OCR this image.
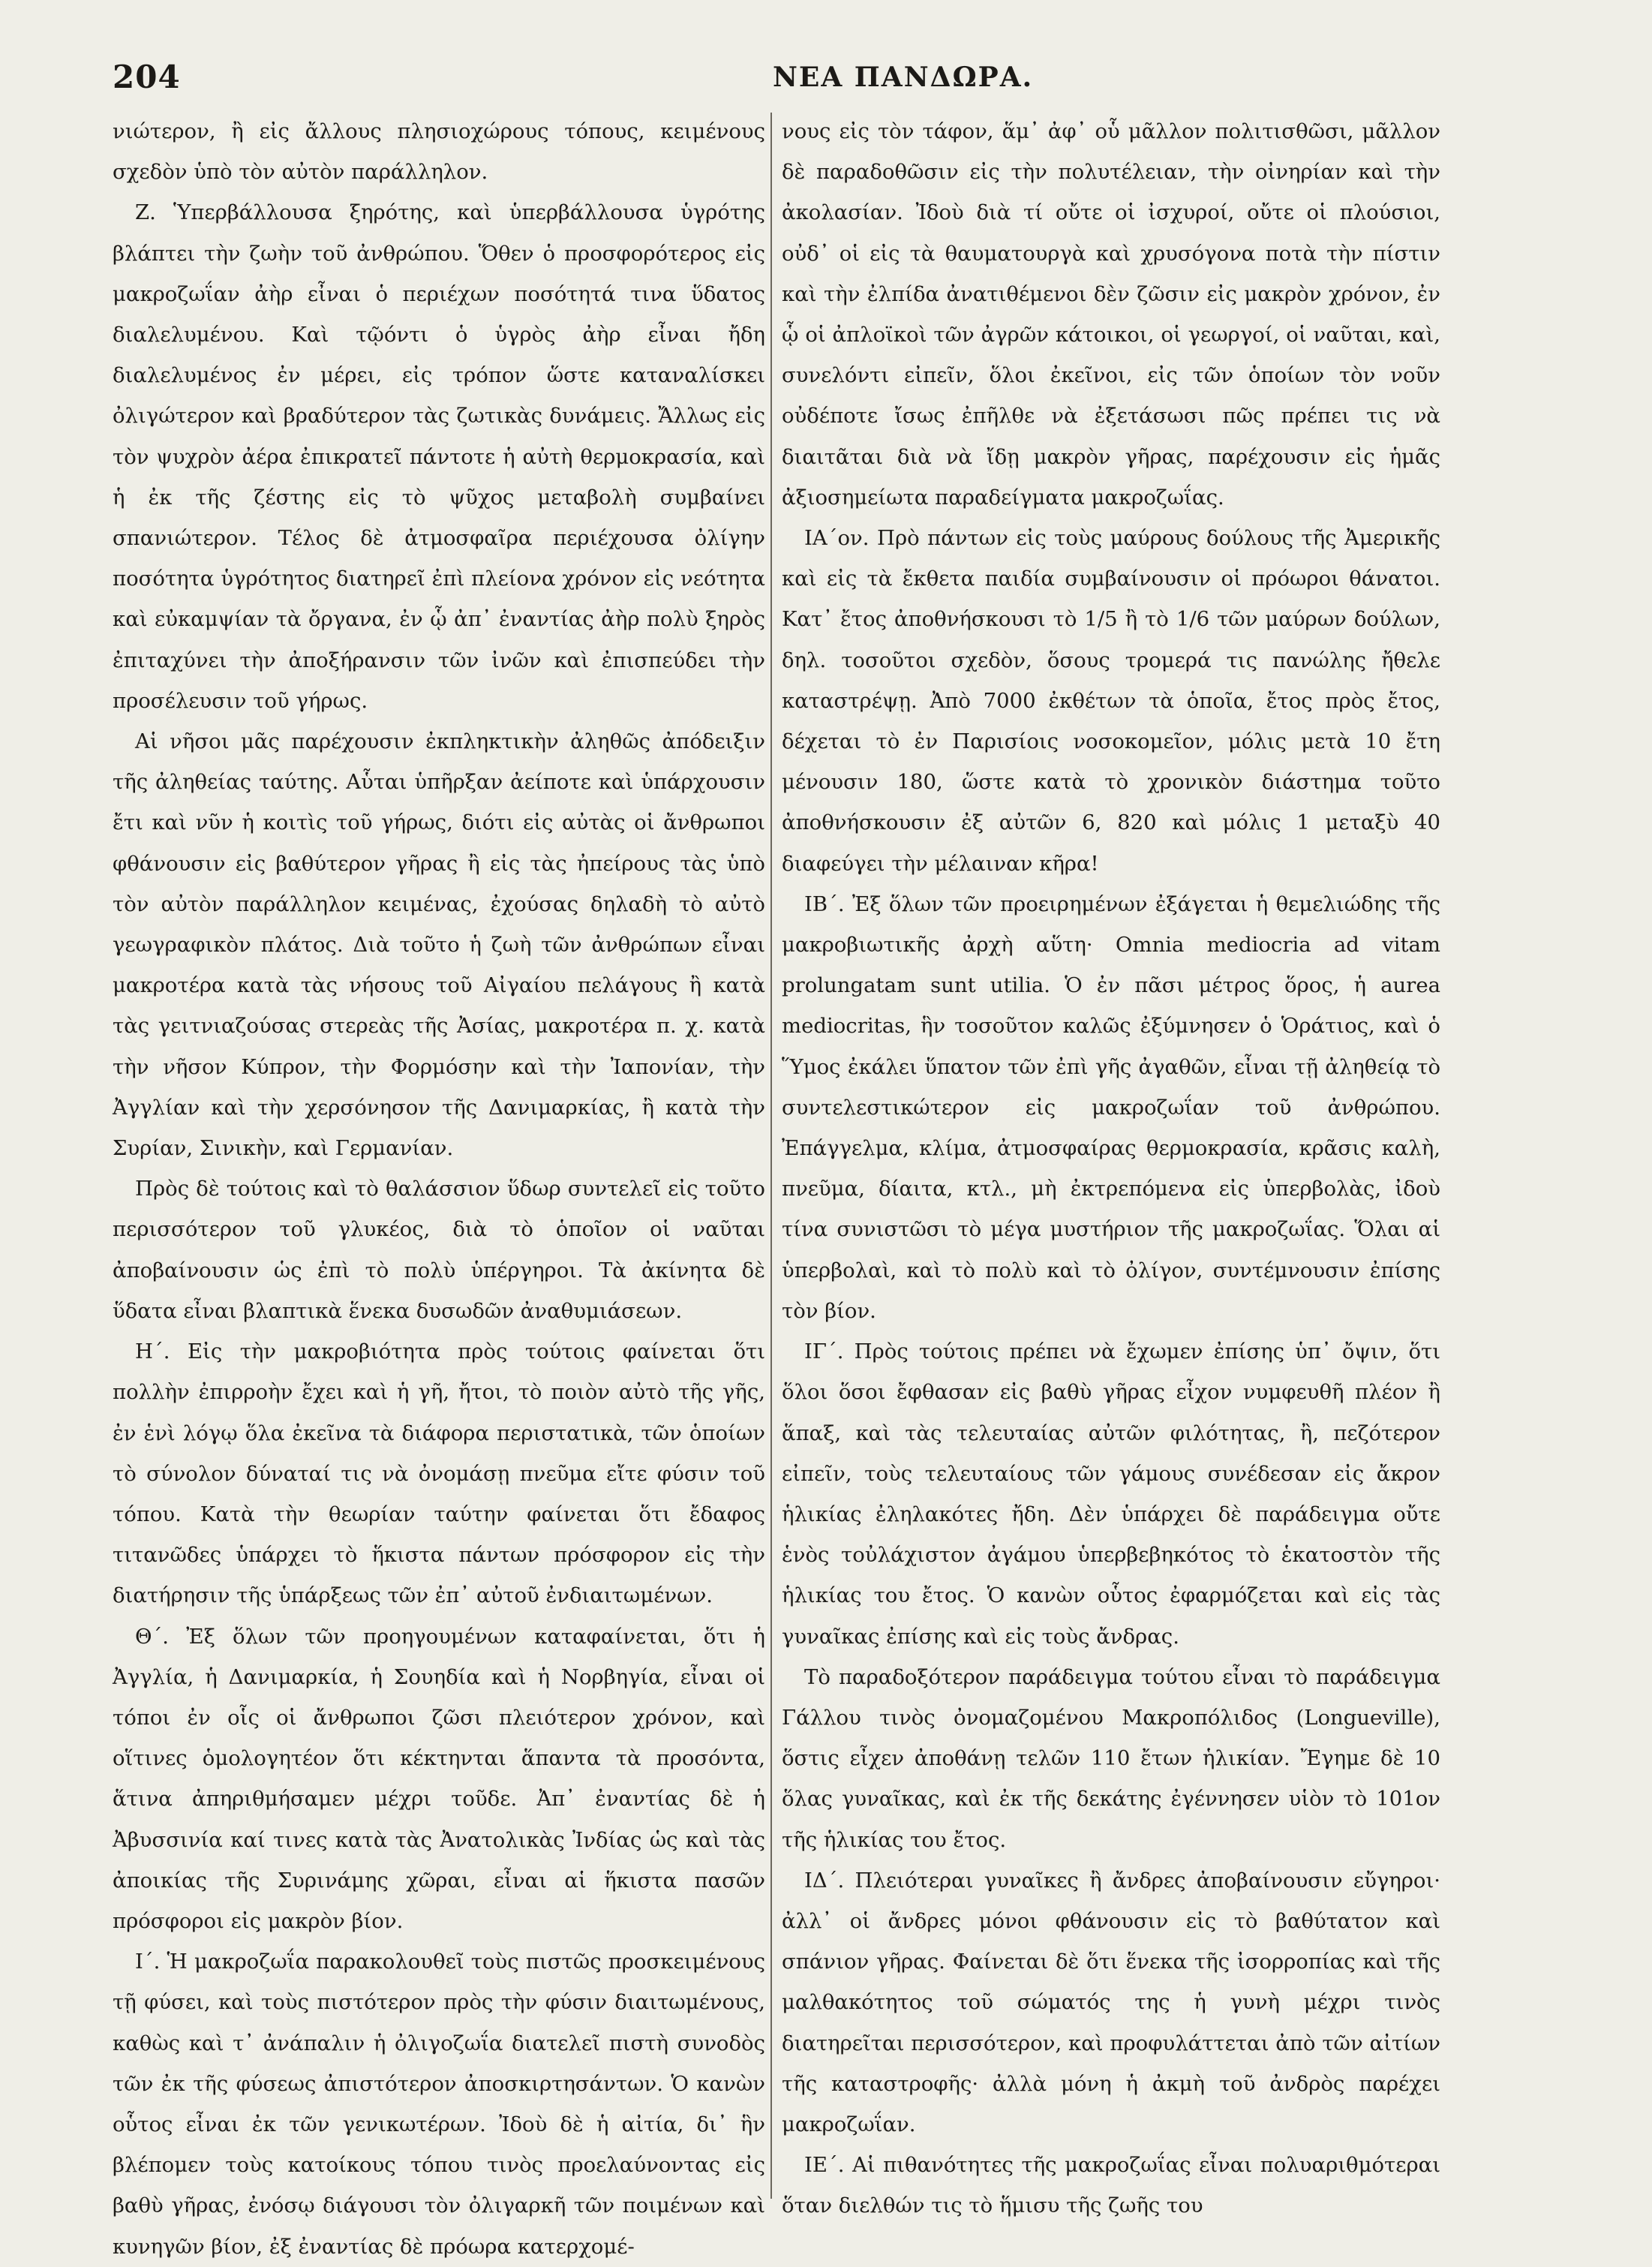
204	ΝΕΑ ΠΑΝΔΩΡΑ.

νιώτερον, ἢ εἰς ἄλλους πλησιοχώρους τόπους, κειμένους σχεδὸν ὑπὸ τὸν αὐτὸν παράλληλον.

Ζ. Ὑπερβάλλουσα ξηρότης, καὶ ὑπερβάλλουσα ὑγρότης βλάπτει τὴν ζωὴν τοῦ ἀνθρώπου. Ὅθεν ὁ προσφορότερος εἰς μακροζωΐαν ἀὴρ εἶναι ὁ περιέχων ποσότητά τινα ὕδατος διαλελυμένου. Καὶ τῷόντι ὁ ὑγρὸς ἀὴρ εἶναι ἤδη διαλελυμένος ἐν μέρει, εἰς τρόπον ὥστε καταναλίσκει ὀλιγώτερον καὶ βραδύτερον τὰς ζωτικὰς δυνάμεις. Ἄλλως εἰς τὸν ψυχρὸν ἀέρα ἐπικρατεῖ πάντοτε ἡ αὐτὴ θερμοκρασία, καὶ ἡ ἐκ τῆς ζέστης εἰς τὸ ψῦχος μεταβολὴ συμβαίνει σπανιώτερον. Τέλος δὲ ἀτμοσφαῖρα περιέχουσα ὀλίγην ποσότητα ὑγρότητος διατηρεῖ ἐπὶ πλείονα χρόνον εἰς νεότητα καὶ εὐκαμψίαν τὰ ὄργανα, ἐν ᾧ ἀπ᾽ ἐναντίας ἀὴρ πολὺ ξηρὸς ἐπιταχύνει τὴν ἀποξήρανσιν τῶν ἰνῶν καὶ ἐπισπεύδει τὴν προσέλευσιν τοῦ γήρως.

Αἱ νῆσοι μᾶς παρέχουσιν ἐκπληκτικὴν ἀληθῶς ἀπόδειξιν τῆς ἀληθείας ταύτης. Αὗται ὑπῆρξαν ἀείποτε καὶ ὑπάρχουσιν ἔτι καὶ νῦν ἡ κοιτὶς τοῦ γήρως, διότι εἰς αὐτὰς οἱ ἄνθρωποι φθάνουσιν εἰς βαθύτερον γῆρας ἢ εἰς τὰς ἠπείρους τὰς ὑπὸ τὸν αὐτὸν παράλληλον κειμένας, ἐχούσας δηλαδὴ τὸ αὐτὸ γεωγραφικὸν πλάτος. Διὰ τοῦτο ἡ ζωὴ τῶν ἀνθρώπων εἶναι μακροτέρα κατὰ τὰς νήσους τοῦ Αἰγαίου πελάγους ἢ κατὰ τὰς γειτνιαζούσας στερεὰς τῆς Ἀσίας, μακροτέρα π. χ. κατὰ τὴν νῆσον Κύπρον, τὴν Φορμόσην καὶ τὴν Ἰαπονίαν, τὴν Ἀγγλίαν καὶ τὴν χερσόνησον τῆς Δανιμαρκίας, ἢ κατὰ τὴν Συρίαν, Σινικὴν, καὶ Γερμανίαν.

Πρὸς δὲ τούτοις καὶ τὸ θαλάσσιον ὕδωρ συντελεῖ εἰς τοῦτο περισσότερον τοῦ γλυκέος, διὰ τὸ ὁποῖον οἱ ναῦται ἀποβαίνουσιν ὡς ἐπὶ τὸ πολὺ ὑπέργηροι. Τὰ ἀκίνητα δὲ ὕδατα εἶναι βλαπτικὰ ἕνεκα δυσωδῶν ἀναθυμιάσεων.

Η΄. Εἰς τὴν μακροβιότητα πρὸς τούτοις φαίνεται ὅτι πολλὴν ἐπιρροὴν ἔχει καὶ ἡ γῆ, ἤτοι, τὸ ποιὸν αὐτὸ τῆς γῆς, ἐν ἑνὶ λόγῳ ὅλα ἐκεῖνα τὰ διάφορα περιστατικὰ, τῶν ὁποίων τὸ σύνολον δύναταί τις νὰ ὀνομάσῃ πνεῦμα εἴτε φύσιν τοῦ τόπου. Κατὰ τὴν θεωρίαν ταύτην φαίνεται ὅτι ἔδαφος τιτανῶδες ὑπάρχει τὸ ἥκιστα πάντων πρόσφορον εἰς τὴν διατήρησιν τῆς ὑπάρξεως τῶν ἐπ᾽ αὐτοῦ ἐνδιαιτωμένων.

Θ΄. Ἐξ ὅλων τῶν προηγουμένων καταφαίνεται, ὅτι ἡ Ἀγγλία, ἡ Δανιμαρκία, ἡ Σουηδία καὶ ἡ Νορβηγία, εἶναι οἱ τόποι ἐν οἷς οἱ ἄνθρωποι ζῶσι πλειότερον χρόνον, καὶ οἵτινες ὁμολογητέον ὅτι κέκτηνται ἅπαντα τὰ προσόντα, ἅτινα ἀπηριθμήσαμεν μέχρι τοῦδε. Ἀπ᾽ ἐναντίας δὲ ἡ Ἀβυσσινία καί τινες κατὰ τὰς Ἀνατολικὰς Ἰνδίας ὡς καὶ τὰς ἀποικίας τῆς Συρινάμης χῶραι, εἶναι αἱ ἥκιστα πασῶν πρόσφοροι εἰς μακρὸν βίον.

Ι΄. Ἡ μακροζωΐα παρακολουθεῖ τοὺς πιστῶς προσκειμένους τῇ φύσει, καὶ τοὺς πιστότερον πρὸς τὴν φύσιν διαιτωμένους, καθὼς καὶ τ᾽ ἀνάπαλιν ἡ ὀλιγοζωΐα διατελεῖ πιστὴ συνοδὸς τῶν ἐκ τῆς φύσεως ἀπιστότερον ἀποσκιρτησάντων. Ὁ κανὼν οὗτος εἶναι ἐκ τῶν γενικωτέρων. Ἰδοὺ δὲ ἡ αἰτία, δι᾽ ἣν βλέπομεν τοὺς κατοίκους τόπου τινὸς προελαύνοντας εἰς βαθὺ γῆρας, ἐνόσῳ διάγουσι τὸν ὀλιγαρκῆ τῶν ποιμένων καὶ κυνηγῶν βίον, ἐξ ἐναντίας δὲ πρόωρα κατερχομέ-

νους εἰς τὸν τάφον, ἅμ᾽ ἀφ᾽ οὗ μᾶλλον πολιτισθῶσι, μᾶλλον δὲ παραδοθῶσιν εἰς τὴν πολυτέλειαν, τὴν οἰνηρίαν καὶ τὴν ἀκολασίαν. Ἰδοὺ διὰ τί οὔτε οἱ ἰσχυροί, οὔτε οἱ πλούσιοι, οὐδ᾽ οἱ εἰς τὰ θαυματουργὰ καὶ χρυσόγονα ποτὰ τὴν πίστιν καὶ τὴν ἐλπίδα ἀνατιθέμενοι δὲν ζῶσιν εἰς μακρὸν χρόνον, ἐν ᾧ οἱ ἀπλοϊκοὶ τῶν ἀγρῶν κάτοικοι, οἱ γεωργοί, οἱ ναῦται, καὶ, συνελόντι εἰπεῖν, ὅλοι ἐκεῖνοι, εἰς τῶν ὁποίων τὸν νοῦν οὐδέποτε ἴσως ἐπῆλθε νὰ ἐξετάσωσι πῶς πρέπει τις νὰ διαιτᾶται διὰ νὰ ἴδῃ μακρὸν γῆρας, παρέχουσιν εἰς ἡμᾶς ἀξιοσημείωτα παραδείγματα μακροζωΐας.

ΙΑ΄ον. Πρὸ πάντων εἰς τοὺς μαύρους δούλους τῆς Ἀμερικῆς καὶ εἰς τὰ ἔκθετα παιδία συμβαίνουσιν οἱ πρόωροι θάνατοι. Κατ᾽ ἔτος ἀποθνήσκουσι τὸ 1/5 ἢ τὸ 1/6 τῶν μαύρων δούλων, δηλ. τοσοῦτοι σχεδὸν, ὅσους τρομερά τις πανώλης ἤθελε καταστρέψῃ. Ἀπὸ 7000 ἐκθέτων τὰ ὁποῖα, ἔτος πρὸς ἔτος, δέχεται τὸ ἐν Παρισίοις νοσοκομεῖον, μόλις μετὰ 10 ἔτη μένουσιν 180, ὥστε κατὰ τὸ χρονικὸν διάστημα τοῦτο ἀποθνήσκουσιν ἐξ αὐτῶν 6, 820 καὶ μόλις 1 μεταξὺ 40 διαφεύγει τὴν μέλαιναν κῆρα!

ΙΒ΄. Ἐξ ὅλων τῶν προειρημένων ἐξάγεται ἡ θεμελιώδης τῆς μακροβιωτικῆς ἀρχὴ αὕτη· Omnia mediocria ad vitam prolungatam sunt utilia. Ὁ ἐν πᾶσι μέτρος ὅρος, ἡ aurea mediocritas, ἣν τοσοῦτον καλῶς ἐξύμνησεν ὁ Ὁράτιος, καὶ ὁ Ὕμος ἐκάλει ὕπατον τῶν ἐπὶ γῆς ἀγαθῶν, εἶναι τῇ ἀληθείᾳ τὸ συντελεστικώτερον εἰς μακροζωΐαν τοῦ ἀνθρώπου. Ἐπάγγελμα, κλίμα, ἀτμοσφαίρας θερμοκρασία, κρᾶσις καλὴ, πνεῦμα, δίαιτα, κτλ., μὴ ἐκτρεπόμενα εἰς ὑπερβολὰς, ἰδοὺ τίνα συνιστῶσι τὸ μέγα μυστήριον τῆς μακροζωΐας. Ὅλαι αἱ ὑπερβολαὶ, καὶ τὸ πολὺ καὶ τὸ ὀλίγον, συντέμνουσιν ἐπίσης τὸν βίον.

ΙΓ΄. Πρὸς τούτοις πρέπει νὰ ἔχωμεν ἐπίσης ὑπ᾽ ὄψιν, ὅτι ὅλοι ὅσοι ἔφθασαν εἰς βαθὺ γῆρας εἶχον νυμφευθῆ πλέον ἢ ἅπαξ, καὶ τὰς τελευταίας αὐτῶν φιλότητας, ἢ, πεζότερον εἰπεῖν, τοὺς τελευταίους τῶν γάμους συνέδεσαν εἰς ἄκρον ἡλικίας ἐληλακότες ἤδη. Δὲν ὑπάρχει δὲ παράδειγμα οὔτε ἑνὸς τοὐλάχιστον ἀγάμου ὑπερβεβηκότος τὸ ἑκατοστὸν τῆς ἡλικίας του ἔτος. Ὁ κανὼν οὗτος ἐφαρμόζεται καὶ εἰς τὰς γυναῖκας ἐπίσης καὶ εἰς τοὺς ἄνδρας.

Τὸ παραδοξότερον παράδειγμα τούτου εἶναι τὸ παράδειγμα Γάλλου τινὸς ὀνομαζομένου Μακροπόλιδος (Longueville), ὅστις εἶχεν ἀποθάνῃ τελῶν 110 ἔτων ἡλικίαν. Ἔγημε δὲ 10 ὅλας γυναῖκας, καὶ ἐκ τῆς δεκάτης ἐγέννησεν υἱὸν τὸ 101ον τῆς ἡλικίας του ἔτος.

ΙΔ΄. Πλειότεραι γυναῖκες ἢ ἄνδρες ἀποβαίνουσιν εὔγηροι· ἀλλ᾽ οἱ ἄνδρες μόνοι φθάνουσιν εἰς τὸ βαθύτατον καὶ σπάνιον γῆρας. Φαίνεται δὲ ὅτι ἕνεκα τῆς ἰσορροπίας καὶ τῆς μαλθακότητος τοῦ σώματός της ἡ γυνὴ μέχρι τινὸς διατηρεῖται περισσότερον, καὶ προφυλάττεται ἀπὸ τῶν αἰτίων τῆς καταστροφῆς· ἀλλὰ μόνη ἡ ἀκμὴ τοῦ ἀνδρὸς παρέχει μακροζωΐαν.

ΙΕ΄. Αἱ πιθανότητες τῆς μακροζωΐας εἶναι πολυαριθμότεραι ὅταν διελθών τις τὸ ἥμισυ τῆς ζωῆς του
